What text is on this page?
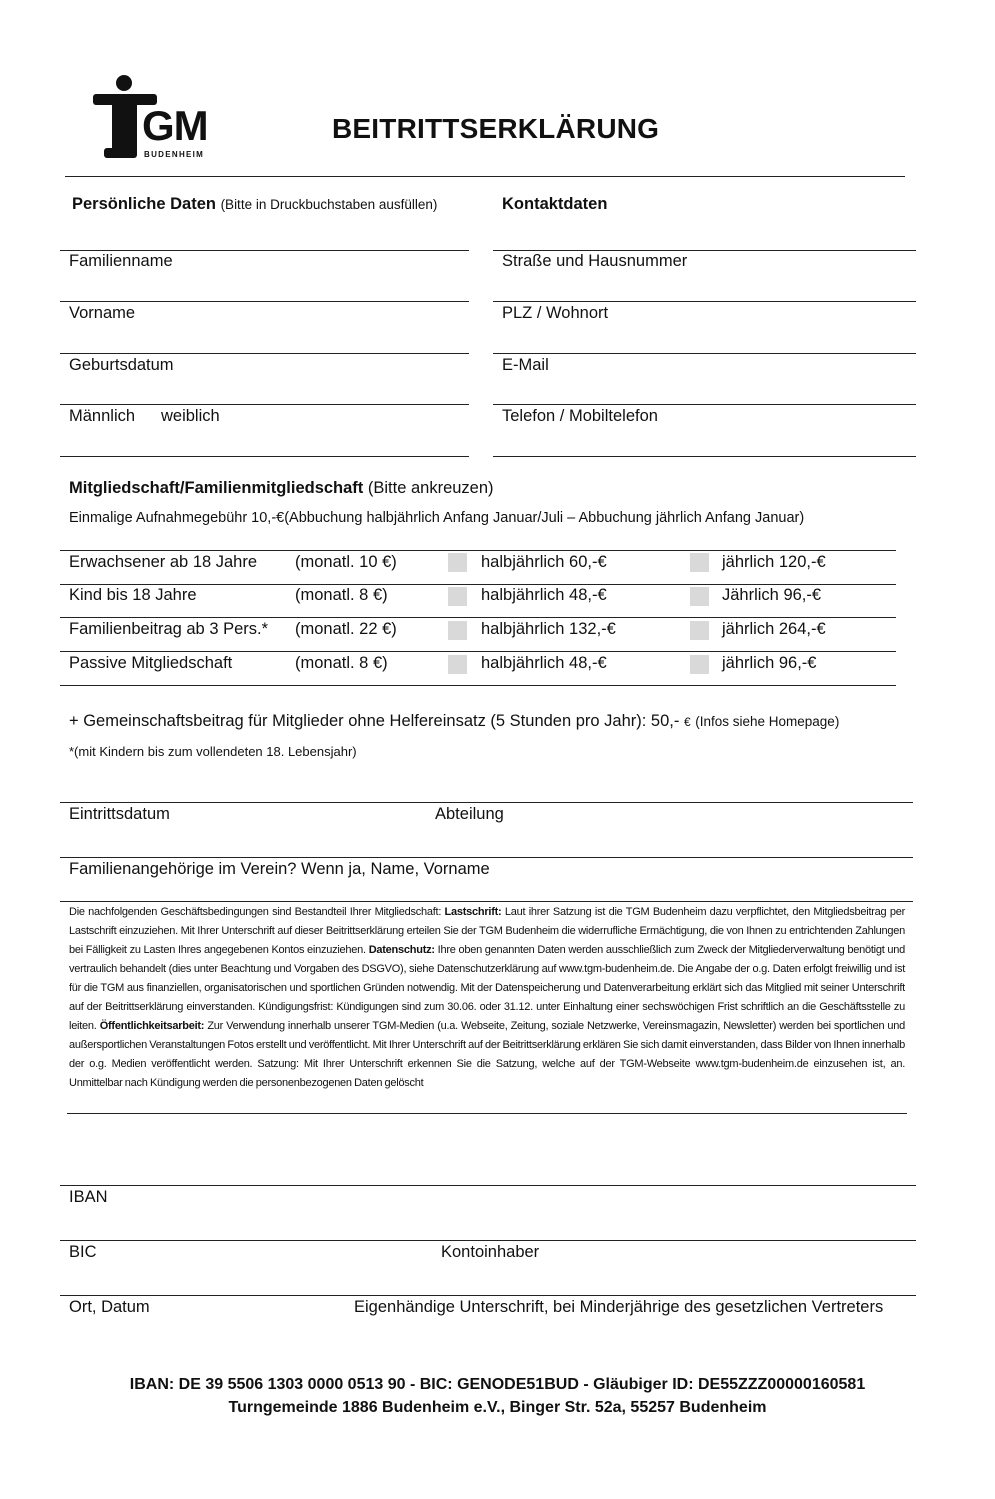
GM
BUDENHEIM
BEITRITTSERKLÄRUNG
Persönliche Daten (Bitte in Druckbuchstaben ausfüllen)	Kontaktdaten
Familienname	Straße und Hausnummer
Vorname	PLZ / Wohnort
Geburtsdatum	E-Mail
Männlich weiblich	Telefon / Mobiltelefon
Mitgliedschaft/Familienmitgliedschaft (Bitte ankreuzen)
Einmalige Aufnahmegebühr 10,-€(Abbuchung halbjährlich Anfang Januar/Juli – Abbuchung jährlich Anfang Januar)
Erwachsener ab 18 Jahre (monatl. 10 €)	halbjährlich 60,-€	jährlich 120,-€
Kind bis 18 Jahre	(monatl. 8 €)	halbjährlich 48,-€	Jährlich 96,-€
Familienbeitrag ab 3 Pers.* (monatl. 22 €)	halbjährlich 132,-€	jährlich 264,-€
Passive Mitgliedschaft	(monatl. 8 €)	halbjährlich 48,-€	jährlich 96,-€
+ Gemeinschaftsbeitrag für Mitglieder ohne Helfereinsatz (5 Stunden pro Jahr): 50,- € (Infos siehe Homepage)
*(mit Kindern bis zum vollendeten 18. Lebensjahr)
Eintrittsdatum	Abteilung
Familienangehörige im Verein? Wenn ja, Name, Vorname
Die nachfolgenden Geschäftsbedingungen sind Bestandteil Ihrer Mitgliedschaft: Lastschrift: Laut ihrer Satzung ist die TGM Budenheim dazu verpflichtet, den Mitgliedsbeitrag per Lastschrift einzuziehen. Mit Ihrer Unterschrift auf dieser Beitrittserklärung erteilen Sie der TGM Budenheim die widerrufliche Ermächtigung, die von Ihnen zu entrichtenden Zahlungen bei Fälligkeit zu Lasten Ihres angegebenen Kontos einzuziehen. Datenschutz: Ihre oben genannten Daten werden ausschließlich zum Zweck der Mitgliederverwaltung benötigt und vertraulich behandelt (dies unter Beachtung und Vorgaben des DSGVO), siehe Datenschutzerklärung auf www.tgm-budenheim.de. Die Angabe der o.g. Daten erfolgt freiwillig und ist für die TGM aus finanziellen, organisatorischen und sportlichen Gründen notwendig. Mit der Datenspeicherung und Datenverarbeitung erklärt sich das Mitglied mit seiner Unterschrift auf der Beitrittserklärung einverstanden. Kündigungsfrist: Kündigungen sind zum 30.06. oder 31.12. unter Einhaltung einer sechswöchigen Frist schriftlich an die Geschäftsstelle zu leiten. Öffentlichkeitsarbeit: Zur Verwendung innerhalb unserer TGM-Medien (u.a. Webseite, Zeitung, soziale Netzwerke, Vereinsmagazin, Newsletter) werden bei sportlichen und außersportlichen Veranstaltungen Fotos erstellt und veröffentlicht. Mit Ihrer Unterschrift auf der Beitrittserklärung erklären Sie sich damit einverstanden, dass Bilder von Ihnen innerhalb der o.g. Medien veröffentlicht werden. Satzung: Mit Ihrer Unterschrift erkennen Sie die Satzung, welche auf der TGM-Webseite www.tgm-budenheim.de einzusehen ist, an. Unmittelbar nach Kündigung werden die personenbezogenen Daten gelöscht
IBAN
BIC	Kontoinhaber
Ort, Datum	Eigenhändige Unterschrift, bei Minderjährige des gesetzlichen Vertreters
IBAN: DE 39 5506 1303 0000 0513 90 - BIC: GENODE51BUD - Gläubiger ID: DE55ZZZ00000160581
Turngemeinde 1886 Budenheim e.V., Binger Str. 52a, 55257 Budenheim
